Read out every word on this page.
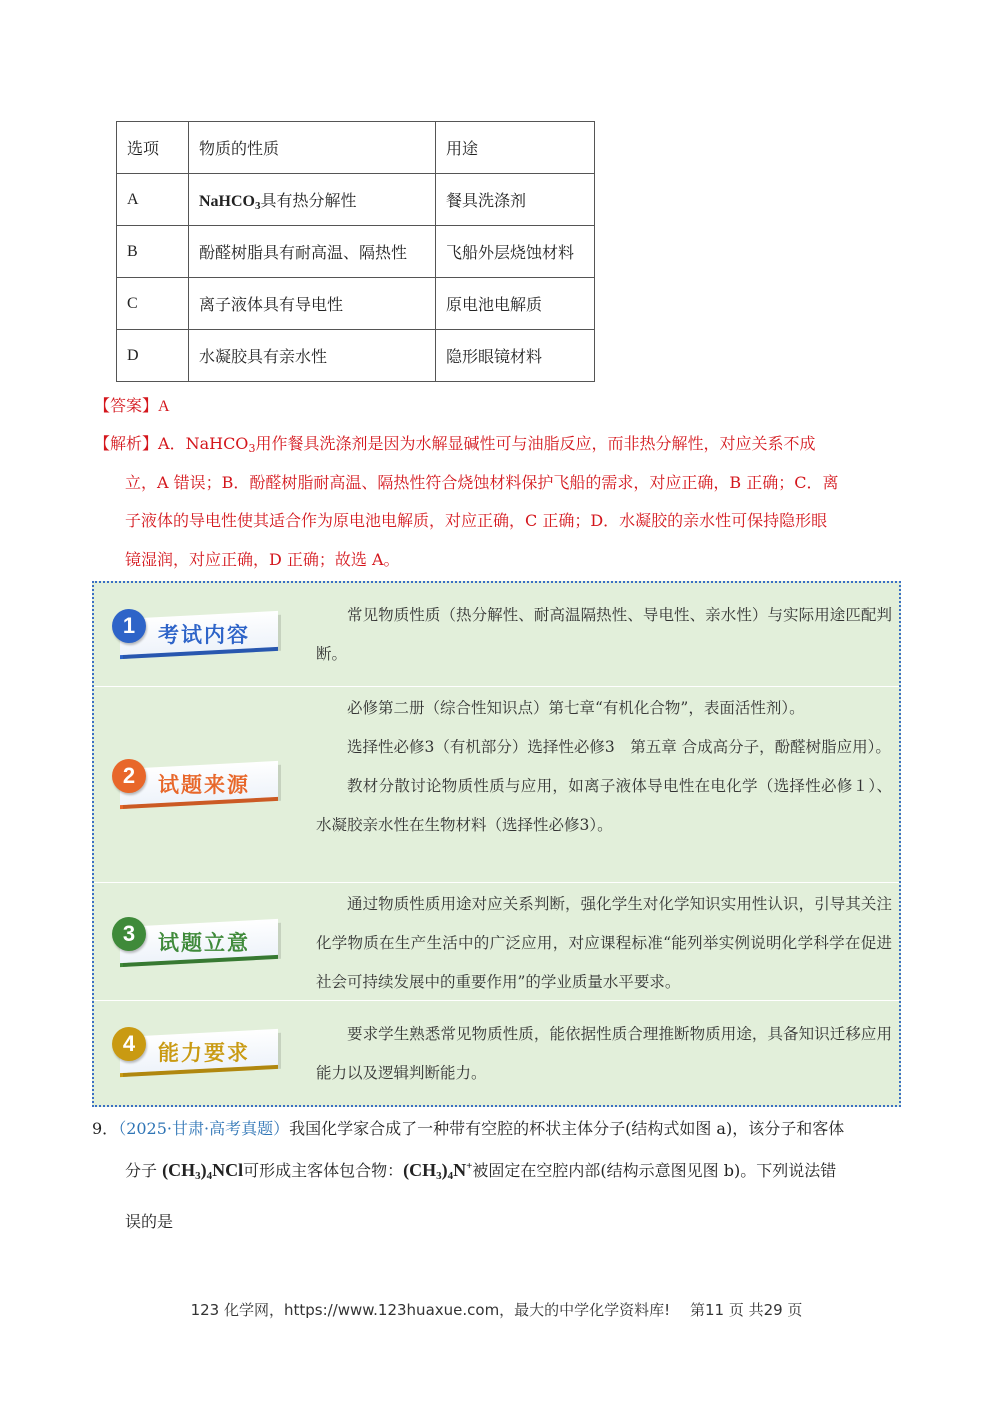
选项	物质的性质	用途
A	NaHCO$_3$具有热分解性	餐具洗涤剂
B	酚醛树脂具有耐高温、隔热性	飞船外层烧蚀材料
C	离子液体具有导电性	原电池电解质
D	水凝胶具有亲水性	隐形眼镜材料
【答案】A
【解析】A．NaHCO$_3$用作餐具洗涤剂是因为水解显碱性可与油脂反应，而非热分解性，对应关系不成
立，A 错误；B．酚醛树脂耐高温、隔热性符合烧蚀材料保护飞船的需求，对应正确，B 正确；C．离
子液体的导电性使其适合作为原电池电解质，对应正确，C 正确；D．水凝胶的亲水性可保持隐形眼
镜湿润，对应正确，D 正确；故选 A。
1	考试内容

常见物质性质（热分解性、耐高温隔热性、导电性、亲水性）与实际用途匹配判断。

2	试题来源

必修第二册（综合性知识点）第七章“有机化合物”，表面活性剂）。

选择性必修3（有机部分）选择性必修3　第五章 合成高分子，酚醛树脂应用）。

教材分散讨论物质性质与应用，如离子液体导电性在电化学（选择性必修１）、水凝胶亲水性在生物材料（选择性必修3）。

3	试题立意

通过物质性质用途对应关系判断，强化学生对化学知识实用性认识，引导其关注化学物质在生产生活中的广泛应用，对应课程标准“能列举实例说明化学科学在促进社会可持续发展中的重要作用”的学业质量水平要求。

4	能力要求

要求学生熟悉常见物质性质，能依据性质合理推断物质用途，具备知识迁移应用能力以及逻辑判断能力。

9．（2025·甘肃·高考真题）我国化学家合成了一种带有空腔的杯状主体分子(结构式如图 a)，该分子和客体
分子 $(CH_3)_4NCl$可形成主客体包合物：$(CH_3)_4N^+$被固定在空腔内部(结构示意图见图 b)。下列说法错
误的是
123 化学网，https://www.123huaxue.com，最大的中学化学资料库!　 第11 页 共29 页
